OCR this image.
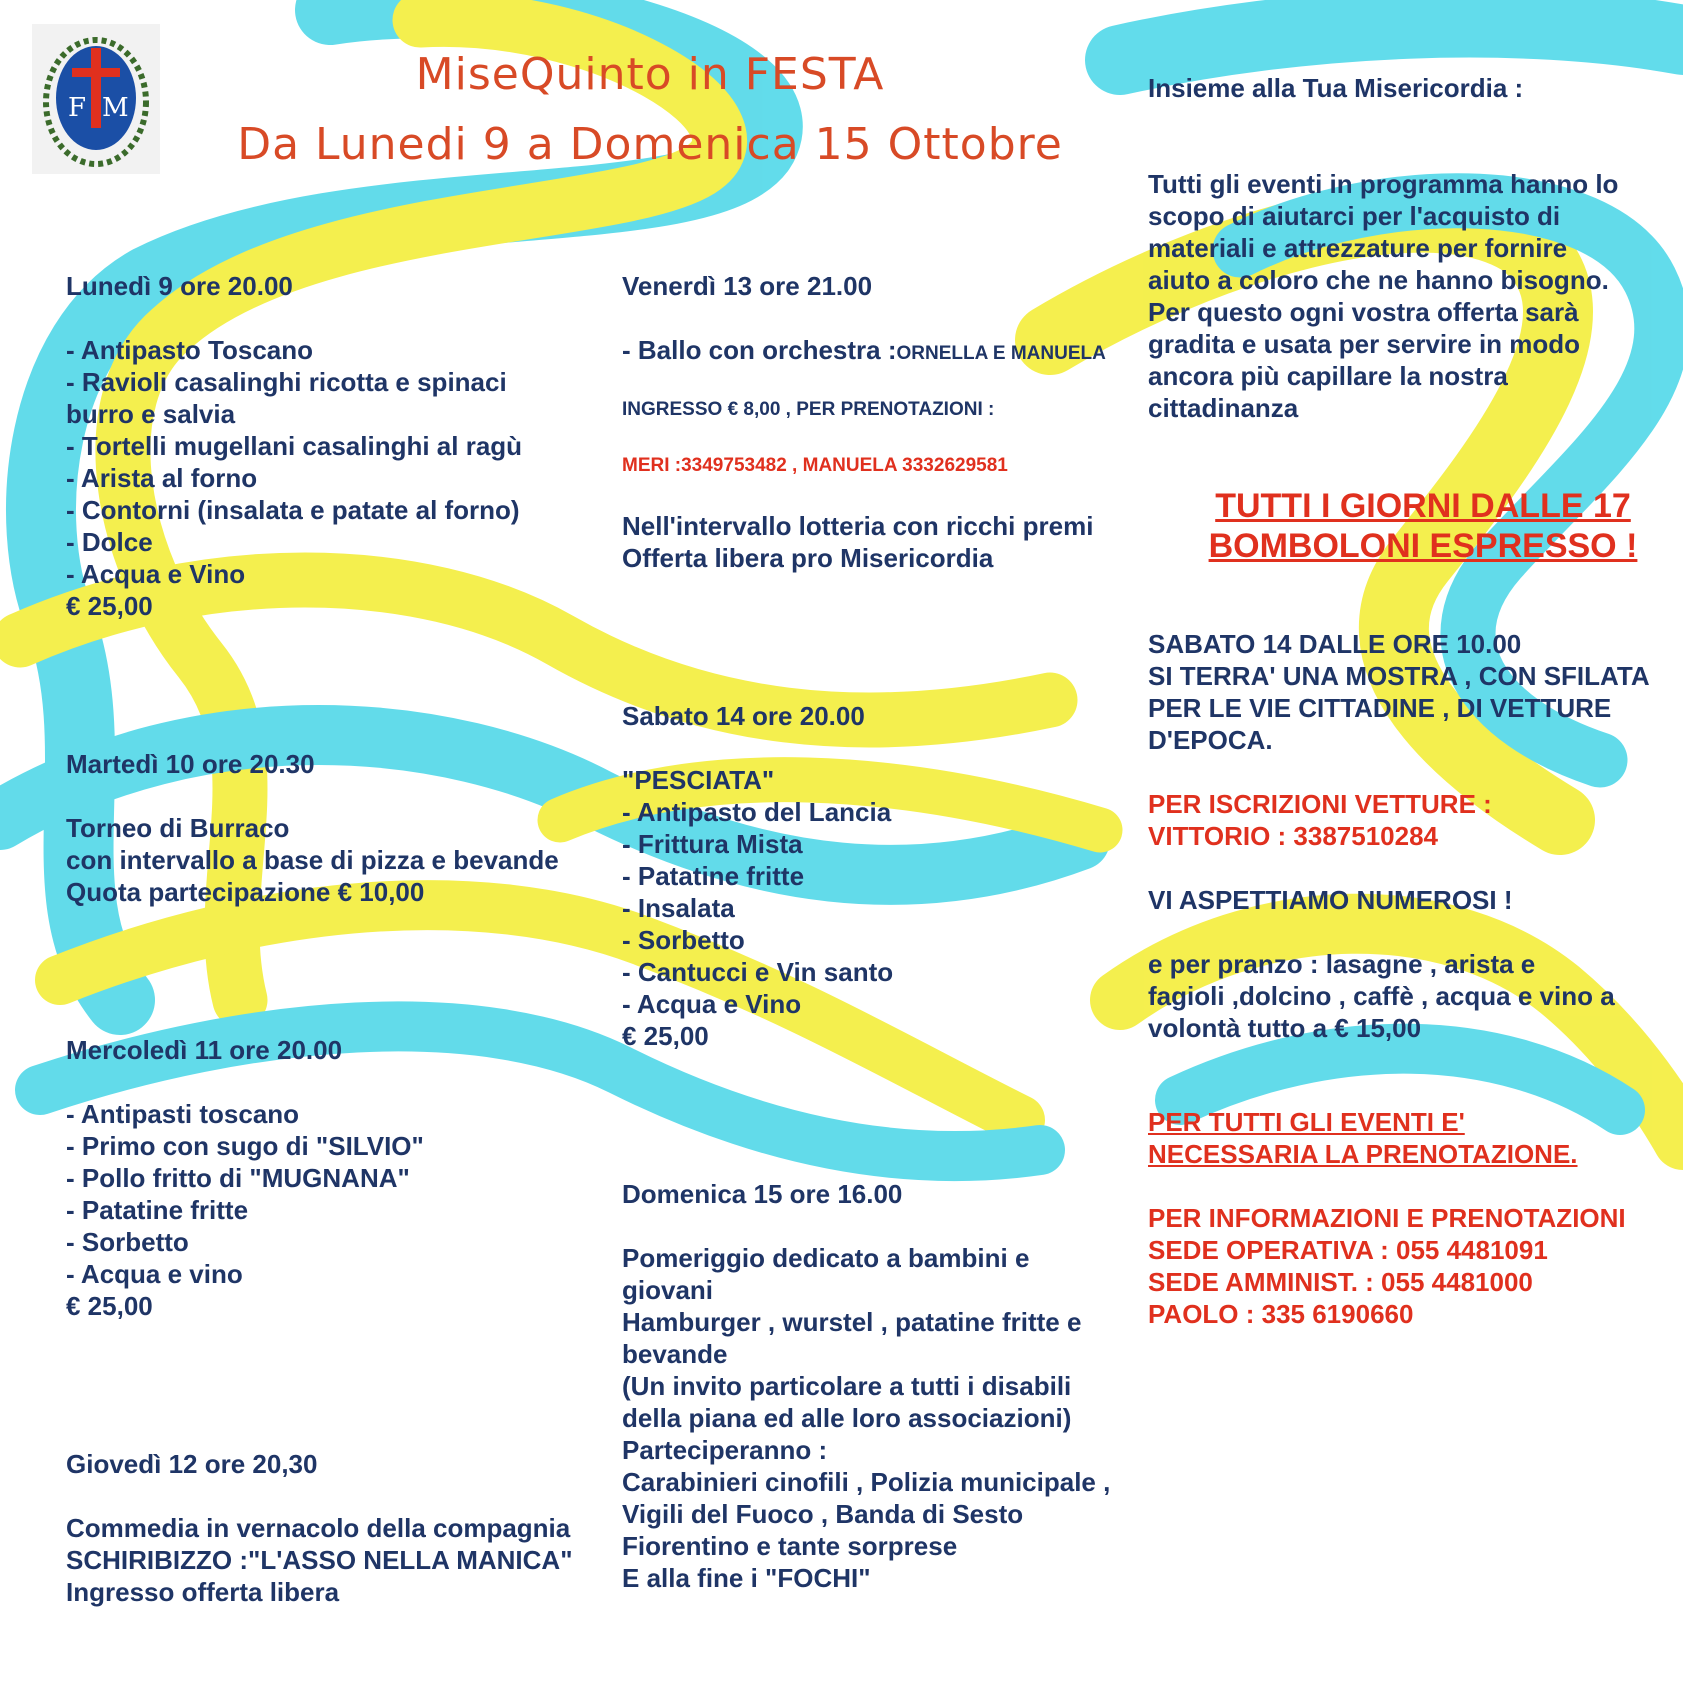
F M
MiseQuinto in FESTA
Da Lunedi 9 a Domenica 15 Ottobre

Lunedì 9 ore 20.00

- Antipasto Toscano
- Ravioli casalinghi ricotta e spinaci
burro e salvia
- Tortelli mugellani casalinghi al ragù
- Arista al forno
- Contorni (insalata e patate al forno)
- Dolce
- Acqua e Vino
€ 25,00

Martedì 10 ore 20.30

Torneo di Burraco
con intervallo a base di pizza e bevande
Quota partecipazione € 10,00

Mercoledì 11 ore 20.00

- Antipasti toscano
- Primo con sugo di "SILVIO"
- Pollo fritto di "MUGNANA"
- Patatine fritte
- Sorbetto
- Acqua e vino
€ 25,00

Giovedì 12 ore 20,30

Commedia in vernacolo della compagnia
SCHIRIBIZZO :"L'ASSO NELLA MANICA"
Ingresso offerta libera

Venerdì 13 ore 21.00

- Ballo con orchestra :ORNELLA E MANUELA

INGRESSO € 8,00 , PER PRENOTAZIONI :

MERI :3349753482 , MANUELA 3332629581

Nell'intervallo lotteria con ricchi premi
Offerta libera pro Misericordia

Sabato 14 ore 20.00

"PESCIATA"
- Antipasto del Lancia
- Frittura Mista
- Patatine fritte
- Insalata
- Sorbetto
- Cantucci e Vin santo
- Acqua e Vino
€ 25,00

Domenica 15 ore 16.00

Pomeriggio dedicato a bambini e giovani
Hamburger , wurstel , patatine fritte e
bevande
(Un invito particolare a tutti i disabili
della piana ed alle loro associazioni)
Parteciperanno :
Carabinieri cinofili , Polizia municipale ,
Vigili del Fuoco , Banda di Sesto
Fiorentino e tante sorprese
E alla fine i "FOCHI"

Insieme alla Tua Misericordia :

Tutti gli eventi in programma hanno lo
scopo di aiutarci per l'acquisto di
materiali e attrezzature per fornire
aiuto a coloro che ne hanno bisogno.
Per questo ogni vostra offerta sarà
gradita e usata per servire in modo
ancora più capillare la nostra
cittadinanza

TUTTI I GIORNI DALLE 17
BOMBOLONI ESPRESSO !

SABATO 14 DALLE ORE 10.00
SI TERRA' UNA MOSTRA , CON SFILATA
PER LE VIE CITTADINE , DI VETTURE
D'EPOCA.

PER ISCRIZIONI VETTURE :
VITTORIO : 3387510284

VI ASPETTIAMO NUMEROSI !

e per pranzo : lasagne , arista e
fagioli ,dolcino , caffè , acqua e vino a
volontà tutto a € 15,00

PER TUTTI GLI EVENTI E'
NECESSARIA LA PRENOTAZIONE.

PER INFORMAZIONI E PRENOTAZIONI
SEDE OPERATIVA : 055 4481091
SEDE AMMINIST. : 055 4481000
PAOLO : 335 6190660
